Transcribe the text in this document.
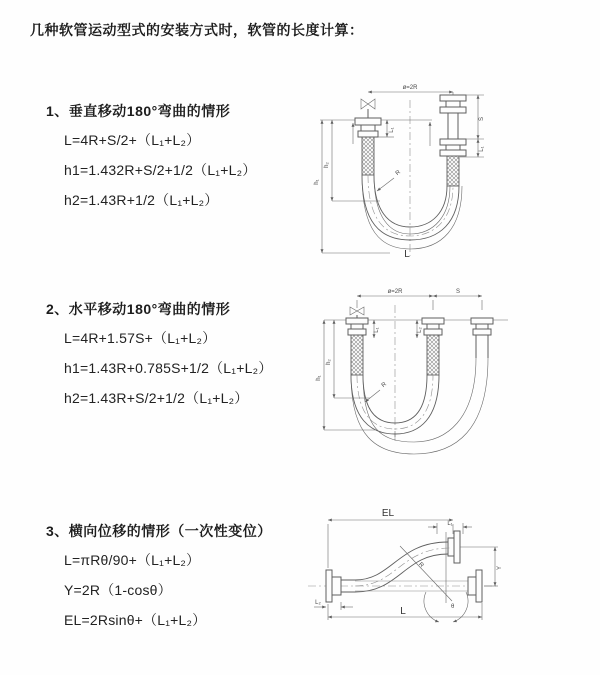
几种软管运动型式的安装方式时，软管的长度计算：
1、垂直移动180°弯曲的情形
L=4R+S/2+（L₁+L₂）
h1=1.432R+S/2+1/2（L₁+L₂）
h2=1.43R+1/2（L₁+L₂）
2、水平移动180°弯曲的情形
L=4R+1.57S+（L₁+L₂）
h1=1.43R+0.785S+1/2（L₁+L₂）
h2=1.43R+S/2+1/2（L₁+L₂）
3、横向位移的情形（一次性变位）
L=πRθ/90+（L₁+L₂）
Y=2R（1-cosθ）
EL=2Rsinθ+（L₁+L₂）
ø=2R
L₁
S
L₁
h₁
h₂
R
L
ø=2R	S
L₁	L₂
h₁
h₂
R
EL
L₁
R
θ
Y
L₂
L
